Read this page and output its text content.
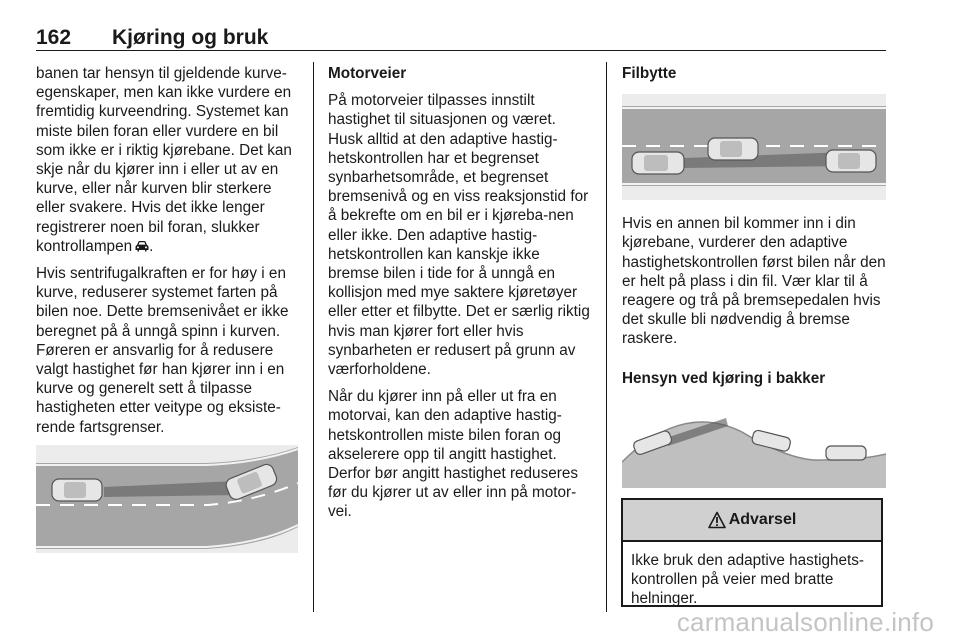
162 Kjøring og bruk

banen tar hensyn til gjeldende kurve-egenskaper, men kan ikke vurdere en fremtidig kurveendring. Systemet kan miste bilen foran eller vurdere en bil som ikke er i riktig kjørebane. Det kan skje når du kjører inn i eller ut av en kurve, eller når kurven blir sterkere eller svakere. Hvis det ikke lenger registrerer noen bil foran, slukker kontrollampen .

Hvis sentrifugalkraften er for høy i en kurve, reduserer systemet farten på bilen noe. Dette bremsenivået er ikke beregnet på å unngå spinn i kurven. Føreren er ansvarlig for å redusere valgt hastighet før han kjører inn i en kurve og generelt sett å tilpasse hastigheten etter veitype og eksiste-rende fartsgrenser.

Motorveier

På motorveier tilpasses innstilt hastighet til situasjonen og været. Husk alltid at den adaptive hastig-hetskontrollen har et begrenset synbarhetsområde, et begrenset bremsenivå og en viss reaksjonstid for å bekrefte om en bil er i kjøreba-nen eller ikke. Den adaptive hastig-hetskontrollen kan kanskje ikke bremse bilen i tide for å unngå en kollisjon med mye saktere kjøretøyer eller etter et filbytte. Det er særlig riktig hvis man kjører fort eller hvis synbarheten er redusert på grunn av værforholdene.

Når du kjører inn på eller ut fra en motorvai, kan den adaptive hastig-hetskontrollen miste bilen foran og akselerere opp til angitt hastighet. Derfor bør angitt hastighet reduseres før du kjører ut av eller inn på motor-vei.

Filbytte

Hvis en annen bil kommer inn i din kjørebane, vurderer den adaptive hastighetskontrollen først bilen når den er helt på plass i din fil. Vær klar til å reagere og trå på bremsepedalen hvis det skulle bli nødvendig å bremse raskere.

Hensyn ved kjøring i bakker

Advarsel
Ikke bruk den adaptive hastighets-kontrollen på veier med bratte helninger.
carmanualsonline.info
